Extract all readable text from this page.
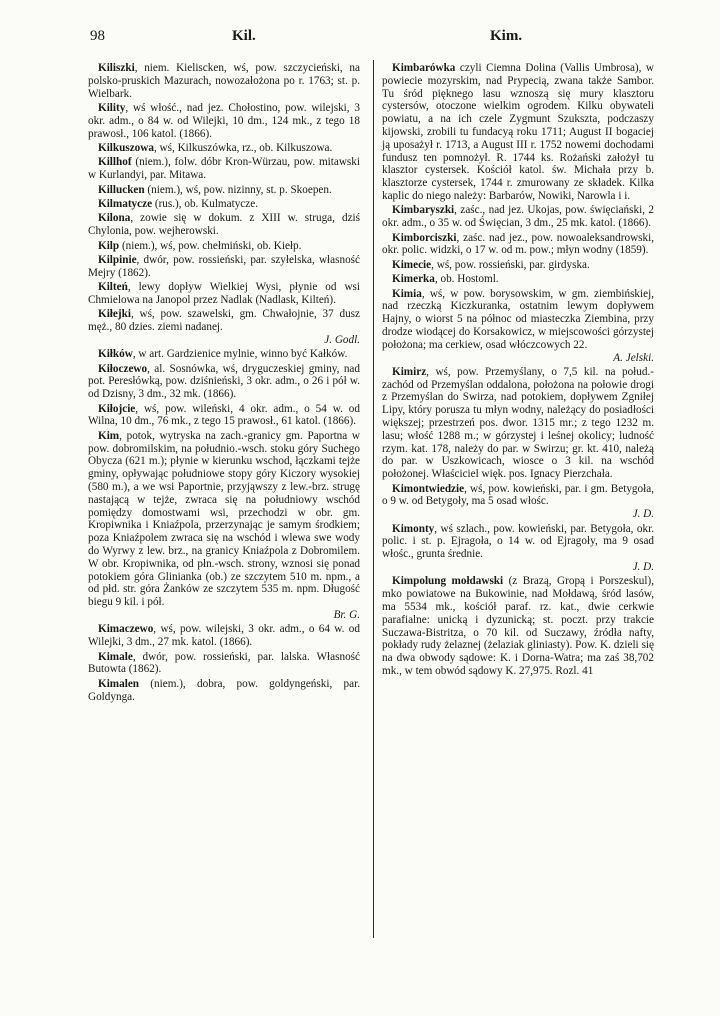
98	Kil.	Kim.

Kiliszki, niem. Kieliscken, wś, pow. szczycieński, na polsko-pruskich Mazurach, nowozałożona po r. 1763; st. p. Wielbark.

Kility, wś włość., nad jez. Chołostino, pow. wilejski, 3 okr. adm., o 84 w. od Wilejki, 10 dm., 124 mk., z tego 18 prawosł., 106 katol. (1866).

Kilkuszowa, wś, Kilkuszówka, rz., ob. Kilkuszowa.

Killhof (niem.), folw. dóbr Kron-Würzau, pow. mitawski w Kurlandyi, par. Mitawa.

Killucken (niem.), wś, pow. nizinny, st. p. Skoepen.

Kilmatycze (rus.), ob. Kulmatycze.

Kilona, zowie się w dokum. z XIII w. struga, dziś Chylonia, pow. wejherowski.

Kilp (niem.), wś, pow. chełmiński, ob. Kiełp.

Kilpinie, dwór, pow. rossieński, par. szyłelska, własność Mejry (1862).

Kilteń, lewy dopływ Wielkiej Wysi, płynie od wsi Chmielowa na Janopol przez Nadlak (Nadlask, Kilteń).

Kiłejki, wś, pow. szawelski, gm. Chwałojnie, 37 dusz męż., 80 dzies. ziemi nadanej.
J. Godl.

Kiłków, w art. Gardzienice mylnie, winno być Kałków.

Kiłoczewo, al. Sosnówka, wś, dryguczeskiej gminy, nad pot. Peresłówką, pow. dziśnieński, 3 okr. adm., o 26 i pół w. od Dzisny, 3 dm., 32 mk. (1866).

Kiłojcie, wś, pow. wileński, 4 okr. adm., o 54 w. od Wilna, 10 dm., 76 mk., z tego 15 prawosł., 61 katol. (1866).

Kim, potok, wytryska na zach.-granicy gm. Paportna w pow. dobromilskim, na południo.-wsch. stoku góry Suchego Obycza (621 m.); płynie w kierunku wschod, łączkami tejże gminy, opływając południowe stopy góry Kiczory wysokiej (580 m.), a we wsi Paportnie, przyjąwszy z lew.-brz. strugę nastającą w tejże, zwraca się na południowy wschód pomiędzy domostwami wsi, przechodzi w obr. gm. Kropiwnika i Kniaźpola, przerzynając je samym środkiem; poza Kniaźpolem zwraca się na wschód i wlewa swe wody do Wyrwy z lew. brz., na granicy Kniaźpola z Dobromilem. W obr. Kropiwnika, od płn.-wsch. strony, wznosi się ponad potokiem góra Glinianka (ob.) ze szczytem 510 m. npm., a od płd. str. góra Żanków ze szczytem 535 m. npm. Długość biegu 9 kil. i pół.
Br. G.

Kimaczewo, wś, pow. wilejski, 3 okr. adm., o 64 w. od Wilejki, 3 dm., 27 mk. katol. (1866).

Kimale, dwór, pow. rossieński, par. lalska. Własność Butowta (1862).

Kimalen (niem.), dobra, pow. goldyngeński, par. Goldynga.

Kimbarówka czyli Ciemna Dolina (Vallis Umbrosa), w powiecie mozyrskim, nad Prypecią, zwana także Sambor. Tu śród pięknego lasu wznoszą się mury klasztoru cystersów, otoczone wielkim ogrodem. Kilku obywateli powiatu, a na ich czele Zygmunt Szukszta, podczaszy kijowski, zrobili tu fundacyą roku 1711; August II bogaciej ją uposażył r. 1713, a August III r. 1752 nowemi dochodami fundusz ten pomnożył. R. 1744 ks. Rożański założył tu klasztor cystersek. Kościół katol. św. Michała przy b. klasztorze cystersek, 1744 r. zmurowany ze składek. Kilka kaplic do niego należy: Barbarów, Nowiki, Narowla i i.

Kimbaryszki, zaśc., nad jez. Ukojas, pow. święciański, 2 okr. adm., o 35 w. od Święcian, 3 dm., 25 mk. katol. (1866).

Kimborciszki, zaśc. nad jez., pow. nowoaleksandrowski, okr. polic. widzki, o 17 w. od m. pow.; młyn wodny (1859).

Kimecie, wś, pow. rossieński, par. girdyska.

Kimerka, ob. Hostoml.

Kimia, wś, w pow. borysowskim, w gm. ziembińskiej, nad rzeczką Kiczkuranka, ostatnim lewym dopływem Hajny, o wiorst 5 na północ od miasteczka Ziembina, przy drodze wiodącej do Korsakowicz, w miejscowości górzystej położona; ma cerkiew, osad włóczcowych 22.
A. Jelski.

Kimirz, wś, pow. Przemyślany, o 7,5 kil. na połud.-zachód od Przemyślan oddalona, położona na połowie drogi z Przemyślan do Swirza, nad potokiem, dopływem Zgniłej Lipy, który porusza tu młyn wodny, należący do posiadłości większej; przestrzeń pos. dwor. 1315 mr.; z tego 1232 m. lasu; włość 1288 m.; w górzystej i leśnej okolicy; ludność rzym. kat. 178, należy do par. w Swirzu; gr. kt. 410, należą do par. w Uszkowicach, wiosce o 3 kil. na wschód położonej. Właściciel więk. pos. Ignacy Pierzchała.

Kimontwiedzie, wś, pow. kowieński, par. i gm. Betygoła, o 9 w. od Betygoły, ma 5 osad włośc.
J. D.

Kimonty, wś szlach., pow. kowieński, par. Betygoła, okr. polic. i st. p. Ejragoła, o 14 w. od Ejragoły, ma 9 osad włośc., grunta średnie.
J. D.

Kimpolung mołdawski (z Brazą, Gropą i Porszeskul), mko powiatowe na Bukowinie, nad Mołdawą, śród lasów, ma 5534 mk., kościół paraf. rz. kat., dwie cerkwie parafialne: unicką i dyzunicką; st. poczt. przy trakcie Suczawa-Bistritza, o 70 kil. od Suczawy, źródła nafty, pokłady rudy żelaznej (żelaziak gliniasty). Pow. K. dzieli się na dwa obwody sądowe: K. i Dorna-Watra; ma zaś 38,702 mk., w tem obwód sądowy K. 27,975. Rozl. 41
